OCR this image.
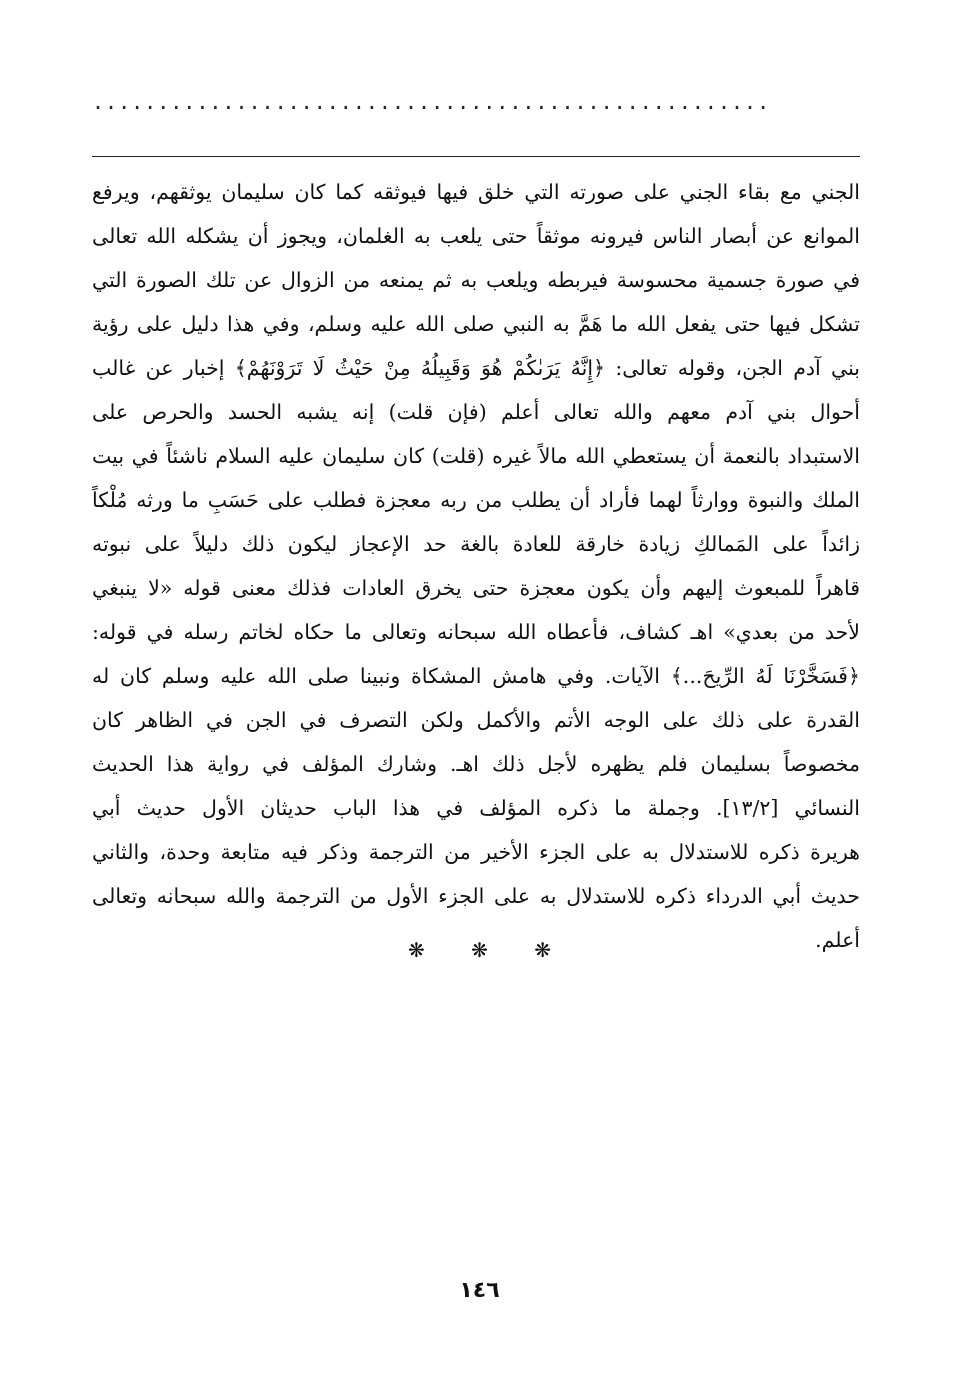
....................................................
الجني مع بقاء الجني على صورته التي خلق فيها فيوثقه كما كان سليمان يوثقهم، ويرفع
الموانع عن أبصار الناس فيرونه موثقاً حتى يلعب به الغلمان، ويجوز أن يشكله الله تعالى
في صورة جسمية محسوسة فيربطه ويلعب به ثم يمنعه من الزوال عن تلك الصورة التي
تشكل فيها حتى يفعل الله ما هَمَّ به النبي صلى الله عليه وسلم، وفي هذا دليل على رؤية
بني آدم الجن، وقوله تعالى: ﴿إِنَّهُ يَرَىٰكُمْ هُوَ وَقَبِيلُهُ مِنْ حَيْثُ لَا تَرَوْنَهُمْ﴾ إخبار عن غالب
أحوال بني آدم معهم والله تعالى أعلم (فإن قلت) إنه يشبه الحسد والحرص على
الاستبداد بالنعمة أن يستعطي الله مالاً غيره (قلت) كان سليمان عليه السلام ناشئاً في بيت
الملك والنبوة ووارثاً لهما فأراد أن يطلب من ربه معجزة فطلب على حَسَبِ ما ورثه مُلْكاً
زائداً على المَمالكِ زيادة خارقة للعادة بالغة حد الإعجاز ليكون ذلك دليلاً على نبوته
قاهراً للمبعوث إليهم وأن يكون معجزة حتى يخرق العادات فذلك معنى قوله «لا ينبغي
لأحد من بعدي» اهـ كشاف، فأعطاه الله سبحانه وتعالى ما حكاه لخاتم رسله في قوله:
﴿فَسَخَّرْنَا لَهُ الرِّيحَ...﴾ الآيات. وفي هامش المشكاة ونبينا صلى الله عليه وسلم كان له
القدرة على ذلك على الوجه الأتم والأكمل ولكن التصرف في الجن في الظاهر كان
مخصوصاً بسليمان فلم يظهره لأجل ذلك اهـ. وشارك المؤلف في رواية هذا الحديث
النسائي [١٣/٢]. وجملة ما ذكره المؤلف في هذا الباب حديثان الأول حديث أبي
هريرة ذكره للاستدلال به على الجزء الأخير من الترجمة وذكر فيه متابعة وحدة، والثاني
حديث أبي الدرداء ذكره للاستدلال به على الجزء الأول من الترجمة والله سبحانه وتعالى
أعلم.
❋ ❋ ❋
١٤٦
